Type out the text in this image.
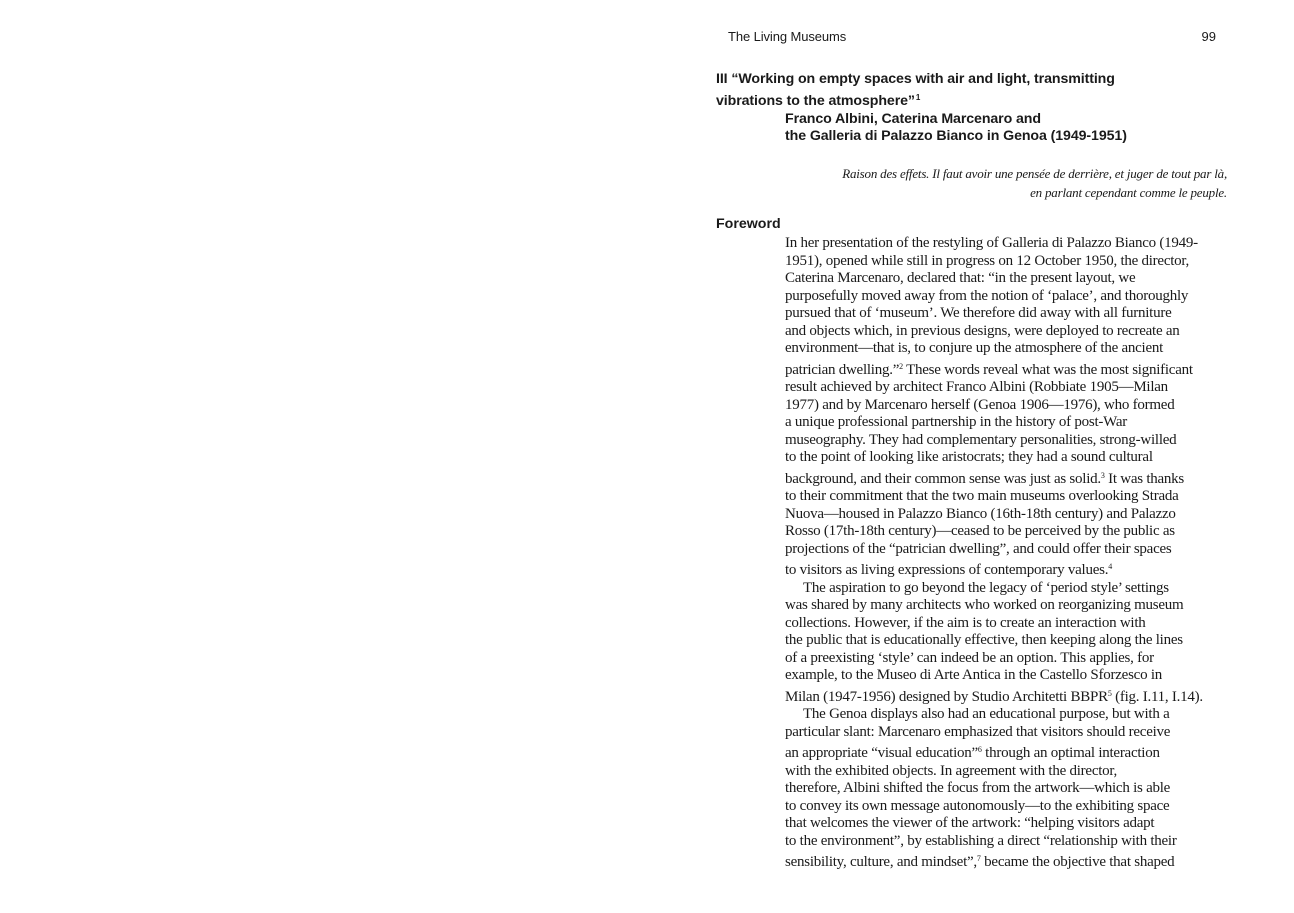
The Living Museums	99
III “Working on empty spaces with air and light, transmitting
vibrations to the atmosphere”$^1$
Franco Albini, Caterina Marcenaro and
the Galleria di Palazzo Bianco in Genoa (1949-1951)
Raison des effets. Il faut avoir une pensée de derrière, et juger de tout par là,
en parlant cependant comme le peuple.
Foreword
In her presentation of the restyling of Galleria di Palazzo Bianco (1949-
1951), opened while still in progress on 12 October 1950, the director,
Caterina Marcenaro, declared that: “in the present layout, we
purposefully moved away from the notion of ‘palace’, and thoroughly
pursued that of ‘museum’. We therefore did away with all furniture
and objects which, in previous designs, were deployed to recreate an
environment—that is, to conjure up the atmosphere of the ancient
patrician dwelling.”$^2$ These words reveal what was the most significant
result achieved by architect Franco Albini (Robbiate 1905—Milan
1977) and by Marcenaro herself (Genoa 1906—1976), who formed
a unique professional partnership in the history of post-War
museography. They had complementary personalities, strong-willed
to the point of looking like aristocrats; they had a sound cultural
background, and their common sense was just as solid.$^3$ It was thanks
to their commitment that the two main museums overlooking Strada
Nuova—housed in Palazzo Bianco (16th-18th century) and Palazzo
Rosso (17th-18th century)—ceased to be perceived by the public as
projections of the “patrician dwelling”, and could offer their spaces
to visitors as living expressions of contemporary values.$^4$
The aspiration to go beyond the legacy of ‘period style’ settings
was shared by many architects who worked on reorganizing museum
collections. However, if the aim is to create an interaction with
the public that is educationally effective, then keeping along the lines
of a preexisting ‘style’ can indeed be an option. This applies, for
example, to the Museo di Arte Antica in the Castello Sforzesco in
Milan (1947-1956) designed by Studio Architetti BBPR$^5$ (fig. I.11, I.14).
The Genoa displays also had an educational purpose, but with a
particular slant: Marcenaro emphasized that visitors should receive
an appropriate “visual education”$^6$ through an optimal interaction
with the exhibited objects. In agreement with the director,
therefore, Albini shifted the focus from the artwork—which is able
to convey its own message autonomously—to the exhibiting space
that welcomes the viewer of the artwork: “helping visitors adapt
to the environment”, by establishing a direct “relationship with their
sensibility, culture, and mindset”,$^7$ became the objective that shaped
